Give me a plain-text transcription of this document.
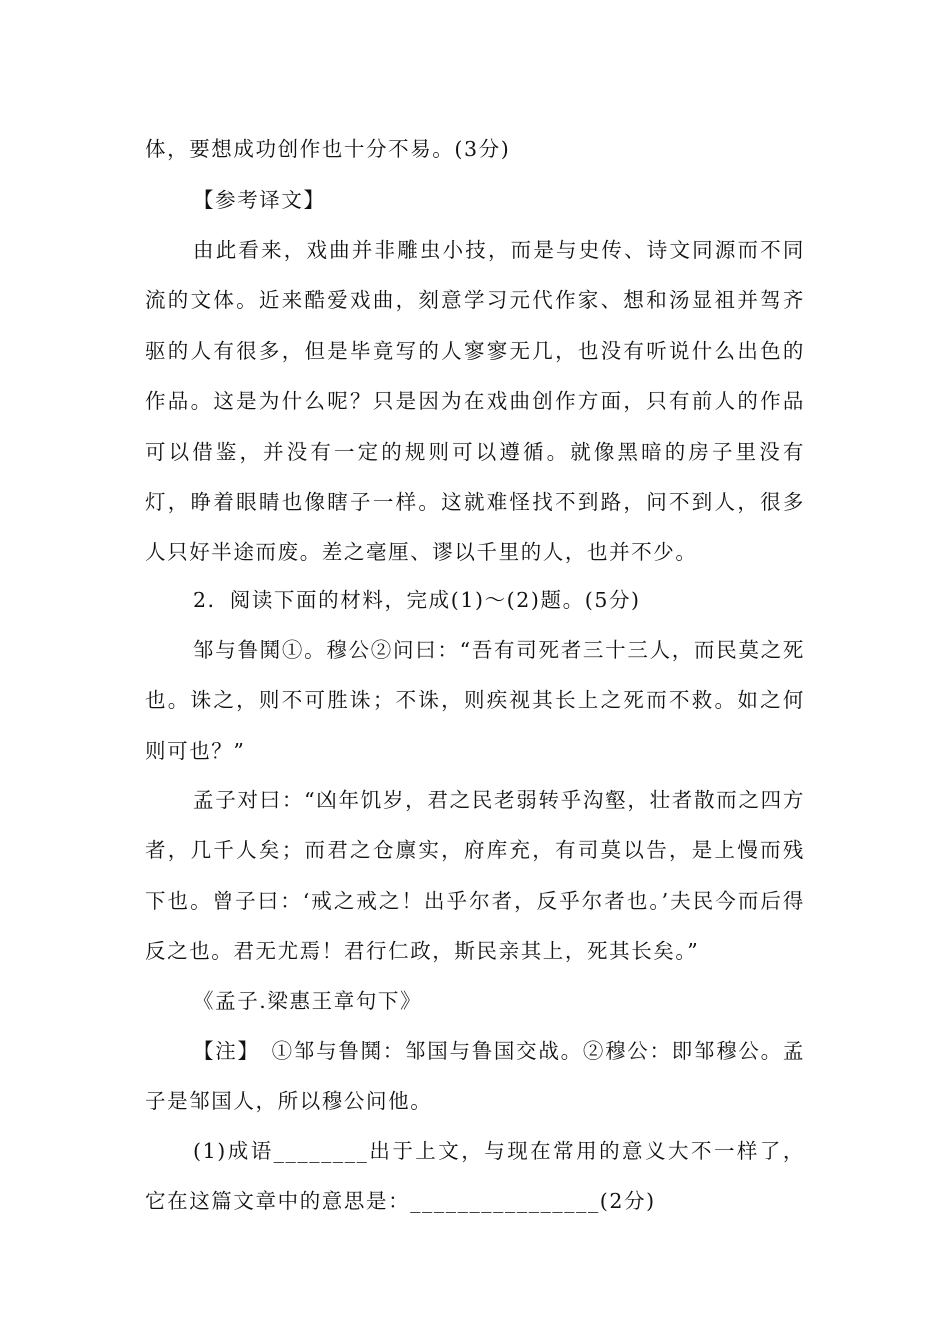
体，要想成功创作也十分不易。(3分)
【参考译文】
由此看来，戏曲并非雕虫小技，而是与史传、诗文同源而不同流的文体。近来酷爱戏曲，刻意学习元代作家、想和汤显祖并驾齐驱的人有很多，但是毕竟写的人寥寥无几，也没有听说什么出色的作品。这是为什么呢？只是因为在戏曲创作方面，只有前人的作品可以借鉴，并没有一定的规则可以遵循。就像黑暗的房子里没有灯，睁着眼睛也像瞎子一样。这就难怪找不到路，问不到人，很多人只好半途而废。差之毫厘、谬以千里的人，也并不少。
2．阅读下面的材料，完成(1)～(2)题。(5分)
邹与鲁鬨①。穆公②问曰：“吾有司死者三十三人，而民莫之死也。诛之，则不可胜诛；不诛，则疾视其长上之死而不救。如之何则可也？”
孟子对曰：“凶年饥岁，君之民老弱转乎沟壑，壮者散而之四方者，几千人矣；而君之仓廪实，府库充，有司莫以告，是上慢而残下也。曾子曰：‘戒之戒之！出乎尔者，反乎尔者也。’夫民今而后得反之也。君无尤焉！君行仁政，斯民亲其上，死其长矣。”
《孟子.梁惠王章句下》
【注】　①邹与鲁鬨：邹国与鲁国交战。②穆公：即邹穆公。孟子是邹国人，所以穆公问他。
(1)成语________出于上文，与现在常用的意义大不一样了，它在这篇文章中的意思是：________________(2分)
